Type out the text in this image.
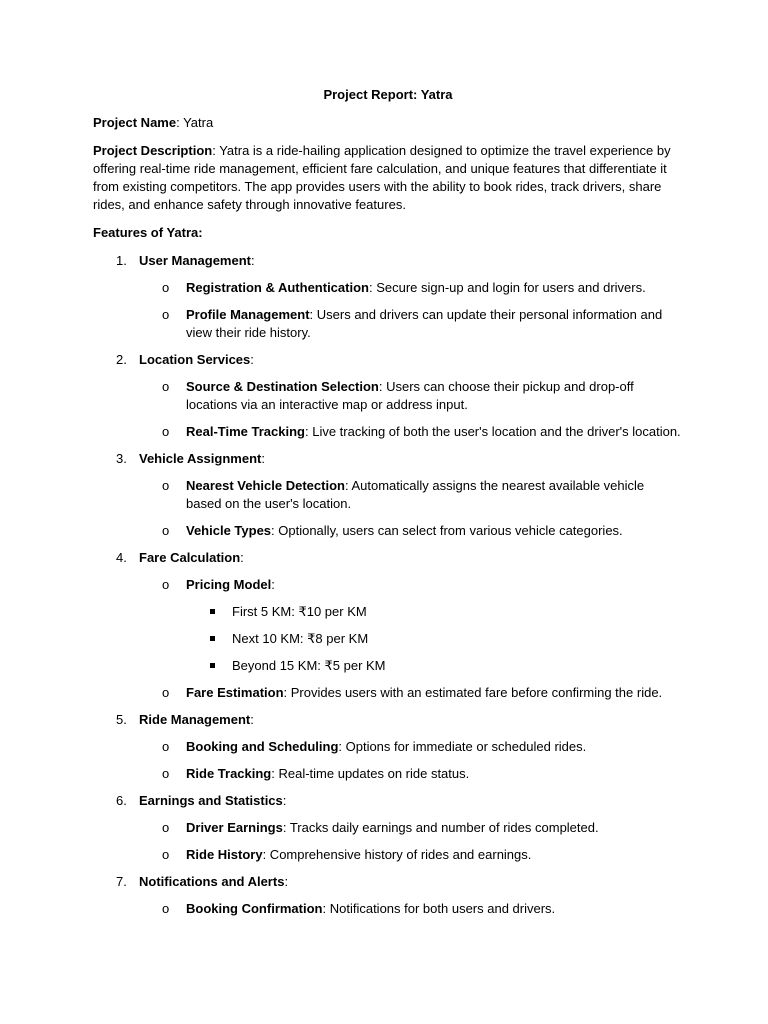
Project Report: Yatra

Project Name: Yatra

Project Description: Yatra is a ride-hailing application designed to optimize the travel experience by offering real-time ride management, efficient fare calculation, and unique features that differentiate it from existing competitors. The app provides users with the ability to book rides, track drivers, share rides, and enhance safety through innovative features.

Features of Yatra:
1. User Management:
o Registration & Authentication: Secure sign-up and login for users and drivers.
o Profile Management: Users and drivers can update their personal information and view their ride history.
2. Location Services:
o Source & Destination Selection: Users can choose their pickup and drop-off locations via an interactive map or address input.
o Real-Time Tracking: Live tracking of both the user's location and the driver's location.
3. Vehicle Assignment:
o Nearest Vehicle Detection: Automatically assigns the nearest available vehicle based on the user's location.
o Vehicle Types: Optionally, users can select from various vehicle categories.
4. Fare Calculation:
o Pricing Model:
First 5 KM: ₹10 per KM
Next 10 KM: ₹8 per KM
Beyond 15 KM: ₹5 per KM
o Fare Estimation: Provides users with an estimated fare before confirming the ride.
5. Ride Management:
o Booking and Scheduling: Options for immediate or scheduled rides.
o Ride Tracking: Real-time updates on ride status.
6. Earnings and Statistics:
o Driver Earnings: Tracks daily earnings and number of rides completed.
o Ride History: Comprehensive history of rides and earnings.
7. Notifications and Alerts:
o Booking Confirmation: Notifications for both users and drivers.
